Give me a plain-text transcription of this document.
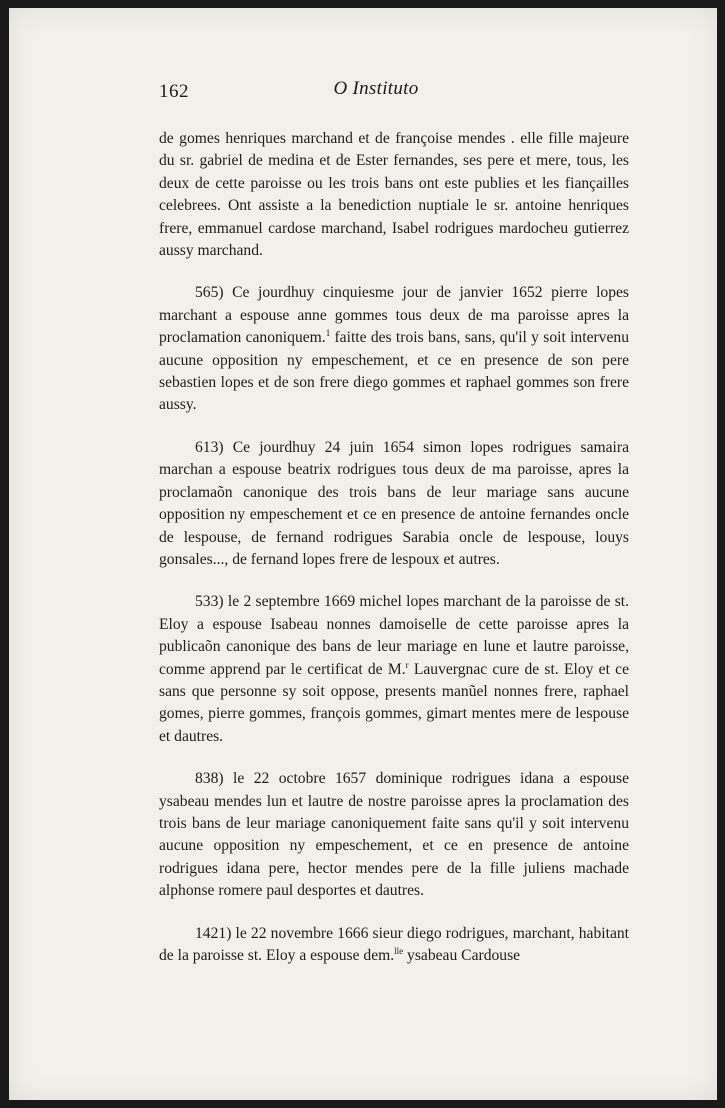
162	O Instituto

de gomes henriques marchand et de françoise mendes . elle fille majeure du sr. gabriel de medina et de Ester fernandes, ses pere et mere, tous, les deux de cette paroisse ou les trois bans ont este publies et les fiançailles celebrees. Ont assiste a la benediction nuptiale le sr. antoine henriques frere, emmanuel cardose marchand, Isabel rodrigues mardocheu gutierrez aussy marchand.

565) Ce jourdhuy cinquiesme jour de janvier 1652 pierre lopes marchant a espouse anne gommes tous deux de ma paroisse apres la proclamation canoniquem.$^1$ faitte des trois bans, sans, qu'il y soit intervenu aucune opposition ny empeschement, et ce en presence de son pere sebastien lopes et de son frere diego gommes et raphael gommes son frere aussy.

613) Ce jourdhuy 24 juin 1654 simon lopes rodrigues samaira marchan a espouse beatrix rodrigues tous deux de ma paroisse, apres la proclamaõn canonique des trois bans de leur mariage sans aucune opposition ny empeschement et ce en presence de antoine fernandes oncle de lespouse, de fernand rodrigues Sarabia oncle de lespouse, louys gonsales..., de fernand lopes frere de lespoux et autres.

533) le 2 septembre 1669 michel lopes marchant de la paroisse de st. Eloy a espouse Isabeau nonnes damoiselle de cette paroisse apres la publicaõn canonique des bans de leur mariage en lune et lautre paroisse, comme apprend par le certificat de M.$^r$ Lauvergnac cure de st. Eloy et ce sans que personne sy soit oppose, presents manũel nonnes frere, raphael gomes, pierre gommes, françois gommes, gimart mentes mere de lespouse et dautres.

838) le 22 octobre 1657 dominique rodrigues idana a espouse ysabeau mendes lun et lautre de nostre paroisse apres la proclamation des trois bans de leur mariage canoniquement faite sans qu'il y soit intervenu aucune opposition ny empeschement, et ce en presence de antoine rodrigues idana pere, hector mendes pere de la fille juliens machade alphonse romere paul desportes et dautres.

1421) le 22 novembre 1666 sieur diego rodrigues, marchant, habitant de la paroisse st. Eloy a espouse dem.$^{lle}$ ysabeau Cardouse
